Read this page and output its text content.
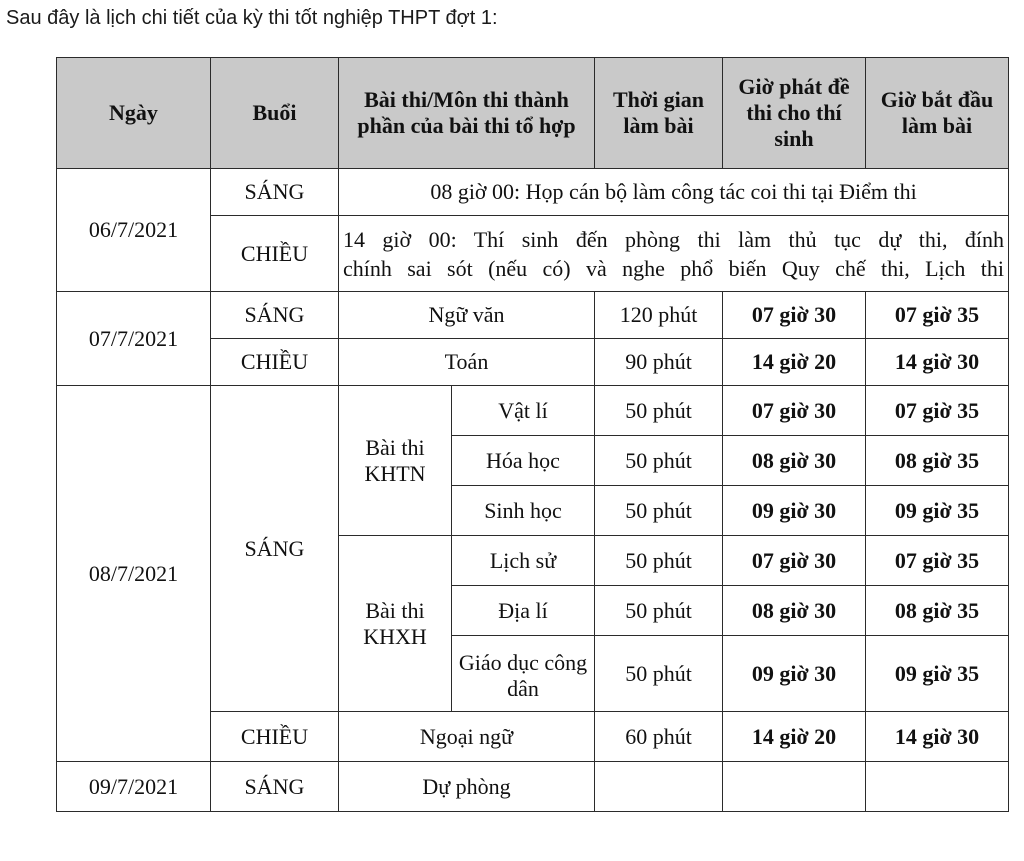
Sau đây là lịch chi tiết của kỳ thi tốt nghiệp THPT đợt 1:
Ngày	Buổi	Bài thi/Môn thi thành phần của bài thi tổ hợp		Thời gian làm bài	Giờ phát đề thi cho thí sinh	Giờ bắt đầu làm bài
06/7/2021	SÁNG	08 giờ 00: Họp cán bộ làm công tác coi thi tại Điểm thi				
	CHIỀU	14 giờ 00: Thí sinh đến phòng thi làm thủ tục dự thi, đính
chính sai sót (nếu có) và nghe phổ biến Quy chế thi, Lịch thi				

07/7/2021	SÁNG	Ngữ văn		120 phút	07 giờ 30	07 giờ 35
	CHIỀU	Toán		90 phút	14 giờ 20	14 giờ 30
08/7/2021	SÁNG	Bài thi KHTN	Vật lí	50 phút	07 giờ 30	07 giờ 35
			Hóa học	50 phút	08 giờ 30	08 giờ 35
			Sinh học	50 phút	09 giờ 30	09 giờ 35
		Bài thi KHXH	Lịch sử	50 phút	07 giờ 30	07 giờ 35
			Địa lí	50 phút	08 giờ 30	08 giờ 35
			Giáo dục công dân	50 phút	09 giờ 30	09 giờ 35
	CHIỀU	Ngoại ngữ		60 phút	14 giờ 20	14 giờ 30
09/7/2021	SÁNG	Dự phòng				
